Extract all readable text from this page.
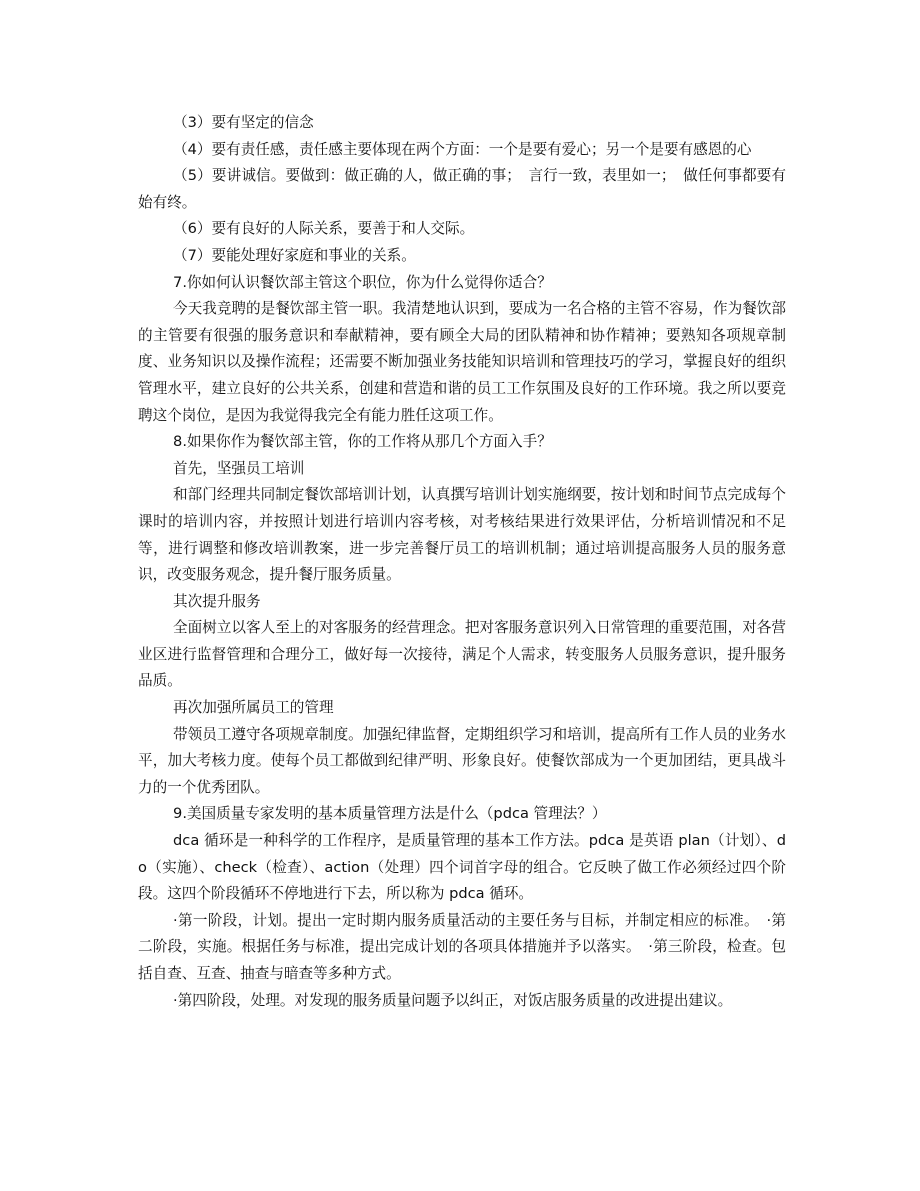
（3）要有坚定的信念

（4）要有责任感，责任感主要体现在两个方面：一个是要有爱心；另一个是要有感恩的心

（5）要讲诚信。要做到：做正确的人，做正确的事；　言行一致，表里如一；　做任何事都要有始有终。

（6）要有良好的人际关系，要善于和人交际。

（7）要能处理好家庭和事业的关系。

7.你如何认识餐饮部主管这个职位，你为什么觉得你适合？

今天我竞聘的是餐饮部主管一职。我清楚地认识到，要成为一名合格的主管不容易，作为餐饮部的主管要有很强的服务意识和奉献精神，要有顾全大局的团队精神和协作精神；要熟知各项规章制度、业务知识以及操作流程；还需要不断加强业务技能知识培训和管理技巧的学习，掌握良好的组织管理水平，建立良好的公共关系，创建和营造和谐的员工工作氛围及良好的工作环境。我之所以要竞聘这个岗位，是因为我觉得我完全有能力胜任这项工作。

8.如果你作为餐饮部主管，你的工作将从那几个方面入手？

首先，坚强员工培训

和部门经理共同制定餐饮部培训计划，认真撰写培训计划实施纲要，按计划和时间节点完成每个课时的培训内容，并按照计划进行培训内容考核，对考核结果进行效果评估，分析培训情况和不足等，进行调整和修改培训教案，进一步完善餐厅员工的培训机制；通过培训提高服务人员的服务意识，改变服务观念，提升餐厅服务质量。

其次提升服务

全面树立以客人至上的对客服务的经营理念。把对客服务意识列入日常管理的重要范围，对各营业区进行监督管理和合理分工，做好每一次接待，满足个人需求，转变服务人员服务意识，提升服务品质。

再次加强所属员工的管理

带领员工遵守各项规章制度。加强纪律监督，定期组织学习和培训，提高所有工作人员的业务水平，加大考核力度。使每个员工都做到纪律严明、形象良好。使餐饮部成为一个更加团结，更具战斗力的一个优秀团队。

9.美国质量专家发明的基本质量管理方法是什么（pdca 管理法？）

dca 循环是一种科学的工作程序，是质量管理的基本工作方法。pdca 是英语 plan（计划）、do（实施）、check（检查）、action（处理）四个词首字母的组合。它反映了做工作必须经过四个阶段。这四个阶段循环不停地进行下去，所以称为 pdca 循环。

·第一阶段，计划。提出一定时期内服务质量活动的主要任务与目标，并制定相应的标准。　·第二阶段，实施。根据任务与标准，提出完成计划的各项具体措施并予以落实。　·第三阶段，检查。包括自查、互查、抽查与暗查等多种方式。

·第四阶段，处理。对发现的服务质量问题予以纠正，对饭店服务质量的改进提出建议。
